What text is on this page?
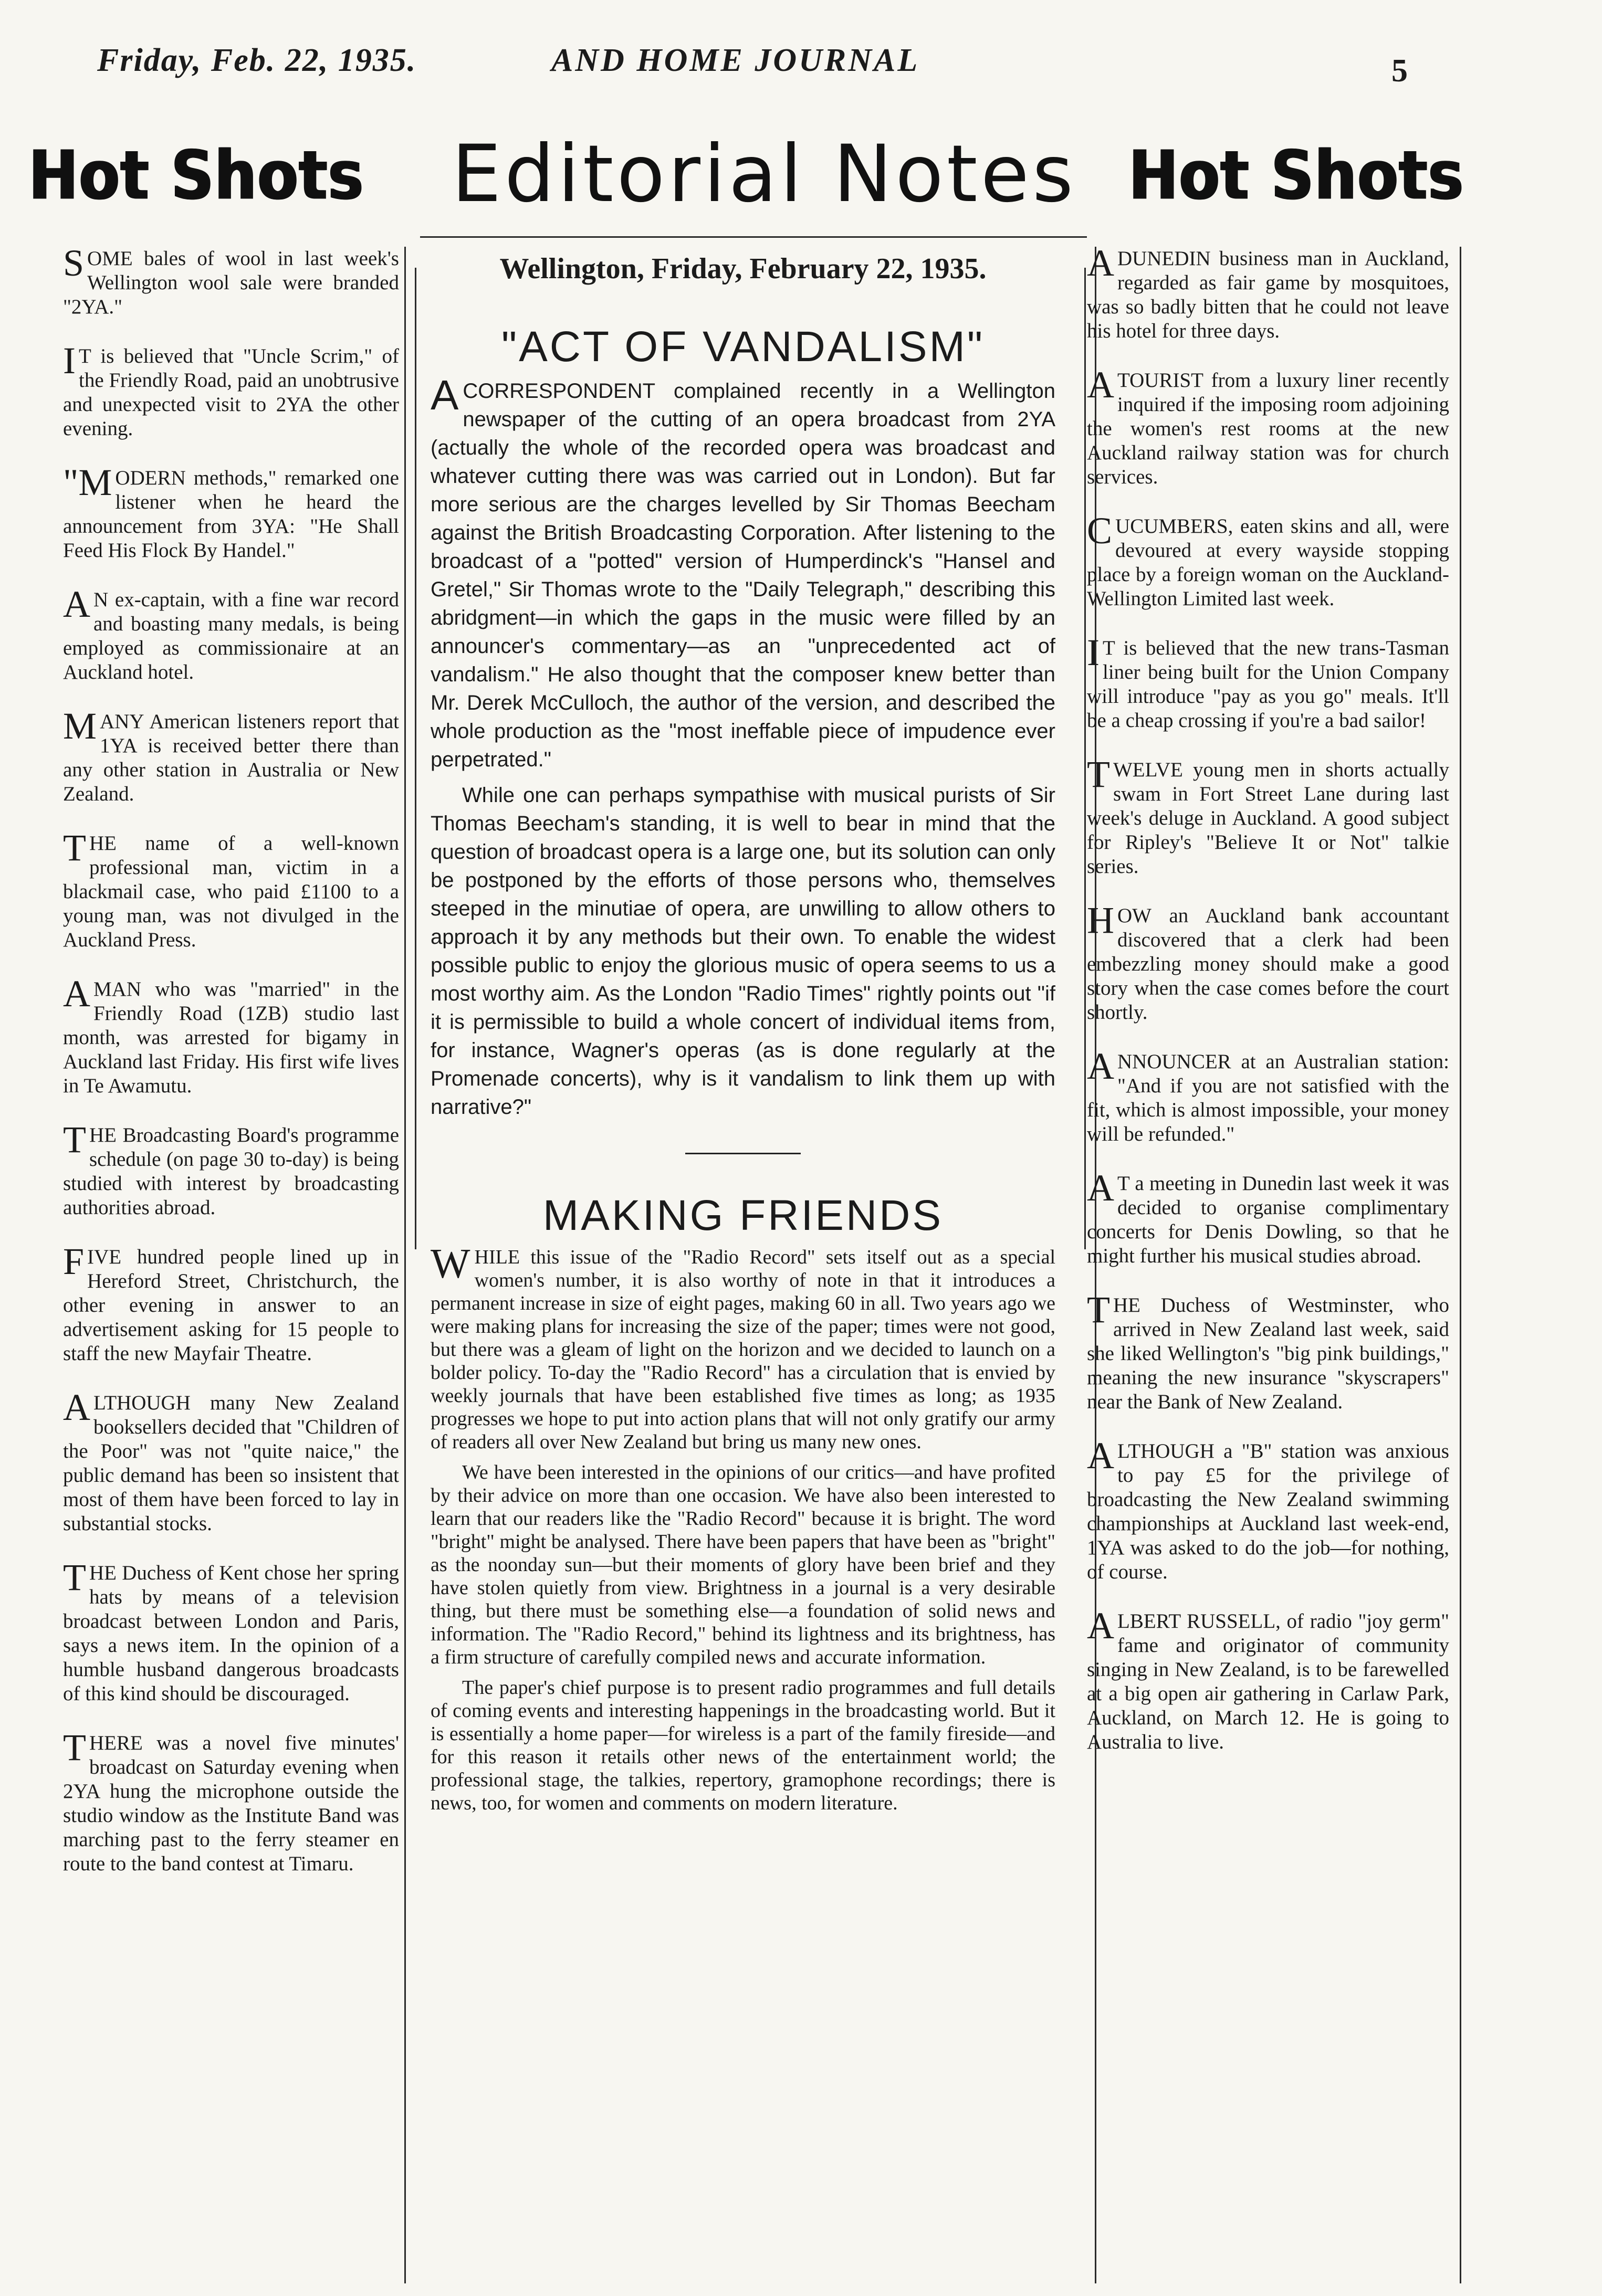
Friday, Feb. 22, 1935.	AND HOME JOURNAL	5
Hot Shots Editorial Notes Hot Shots
SOME bales of wool in last week's Wellington wool sale were branded "2YA."
I T is believed that "Uncle Scrim," of the Friendly Road, paid an unobtrusive and unexpected visit to 2YA the other evening.
"MODERN methods," remarked one listener when he heard the announcement from 3YA: "He Shall Feed His Flock By Handel."
A N ex-captain, with a fine war record and boasting many medals, is being employed as commissionaire at an Auckland hotel.
MANY American listeners report that 1YA is received better there than any other station in Australia or New Zealand.
THE name of a well-known professional man, victim in a blackmail case, who paid £1100 to a young man, was not divulged in the Auckland Press.
AMAN who was "married" in the Friendly Road (1ZB) studio last month, was arrested for bigamy in Auckland last Friday. His first wife lives in Te Awamutu.
THE Broadcasting Board's programme schedule (on page 30 to-day) is being studied with interest by broadcasting authorities abroad.
FIVE hundred people lined up in Hereford Street, Christchurch, the other evening in answer to an advertisement asking for 15 people to staff the new Mayfair Theatre.
ALTHOUGH many New Zealand booksellers decided that "Children of the Poor" was not "quite naice," the public demand has been so insistent that most of them have been forced to lay in substantial stocks.
THE Duchess of Kent chose her spring hats by means of a television broadcast between London and Paris, says a news item. In the opinion of a humble husband dangerous broadcasts of this kind should be discouraged.
THERE was a novel five minutes' broadcast on Saturday evening when 2YA hung the microphone outside the studio window as the Institute Band was marching past to the ferry steamer en route to the band contest at Timaru.
Wellington, Friday, February 22, 1935.
"ACT OF VANDALISM"

ACORRESPONDENT complained recently in a Wellington newspaper of the cutting of an opera broadcast from 2YA (actually the whole of the recorded opera was broadcast and whatever cutting there was was carried out in London). But far more serious are the charges levelled by Sir Thomas Beecham against the British Broadcasting Corporation. After listening to the broadcast of a "potted" version of Humperdinck's "Hansel and Gretel," Sir Thomas wrote to the "Daily Telegraph," describing this abridgment—in which the gaps in the music were filled by an announcer's commentary—as an "unprecedented act of vandalism." He also thought that the composer knew better than Mr. Derek McCulloch, the author of the version, and described the whole production as the "most ineffable piece of impudence ever perpetrated."

While one can perhaps sympathise with musical purists of Sir Thomas Beecham's standing, it is well to bear in mind that the question of broadcast opera is a large one, but its solution can only be postponed by the efforts of those persons who, themselves steeped in the minutiae of opera, are unwilling to allow others to approach it by any methods but their own. To enable the widest possible public to enjoy the glorious music of opera seems to us a most worthy aim. As the London "Radio Times" rightly points out "if it is permissible to build a whole concert of individual items from, for instance, Wagner's operas (as is done regularly at the Promenade concerts), why is it vandalism to link them up with narrative?"

MAKING FRIENDS

WHILE this issue of the "Radio Record" sets itself out as a special women's number, it is also worthy of note in that it introduces a permanent increase in size of eight pages, making 60 in all. Two years ago we were making plans for increasing the size of the paper; times were not good, but there was a gleam of light on the horizon and we decided to launch on a bolder policy. To-day the "Radio Record" has a circulation that is envied by weekly journals that have been established five times as long; as 1935 progresses we hope to put into action plans that will not only gratify our army of readers all over New Zealand but bring us many new ones.

We have been interested in the opinions of our critics—and have profited by their advice on more than one occasion. We have also been interested to learn that our readers like the "Radio Record" because it is bright. The word "bright" might be analysed. There have been papers that have been as "bright" as the noonday sun—but their moments of glory have been brief and they have stolen quietly from view. Brightness in a journal is a very desirable thing, but there must be something else—a foundation of solid news and information. The "Radio Record," behind its lightness and its brightness, has a firm structure of carefully compiled news and accurate information.

The paper's chief purpose is to present radio programmes and full details of coming events and interesting happenings in the broadcasting world. But it is essentially a home paper—for wireless is a part of the family fireside—and for this reason it retails other news of the entertainment world; the professional stage, the talkies, repertory, gramophone recordings; there is news, too, for women and comments on modern literature.

ADUNEDIN business man in Auckland, regarded as fair game by mosquitoes, was so badly bitten that he could not leave his hotel for three days.
ATOURIST from a luxury liner recently inquired if the imposing room adjoining the women's rest rooms at the new Auckland railway station was for church services.
CUCUMBERS, eaten skins and all, were devoured at every wayside stopping place by a foreign woman on the Auckland-Wellington Limited last week.
I T is believed that the new trans-Tasman liner being built for the Union Company will introduce "pay as you go" meals. It'll be a cheap crossing if you're a bad sailor!
TWELVE young men in shorts actually swam in Fort Street Lane during last week's deluge in Auckland. A good subject for Ripley's "Believe It or Not" talkie series.
HOW an Auckland bank accountant discovered that a clerk had been embezzling money should make a good story when the case comes before the court shortly.
ANNOUNCER at an Australian station: "And if you are not satisfied with the fit, which is almost impossible, your money will be refunded."
A T a meeting in Dunedin last week it was decided to organise complimentary concerts for Denis Dowling, so that he might further his musical studies abroad.
THE Duchess of Westminster, who arrived in New Zealand last week, said she liked Wellington's "big pink buildings," meaning the new insurance "skyscrapers" near the Bank of New Zealand.
ALTHOUGH a "B" station was anxious to pay £5 for the privilege of broadcasting the New Zealand swimming championships at Auckland last week-end, 1YA was asked to do the job—for nothing, of course.
ALBERT RUSSELL, of radio "joy germ" fame and originator of community singing in New Zealand, is to be farewelled at a big open air gathering in Carlaw Park, Auckland, on March 12. He is going to Australia to live.
